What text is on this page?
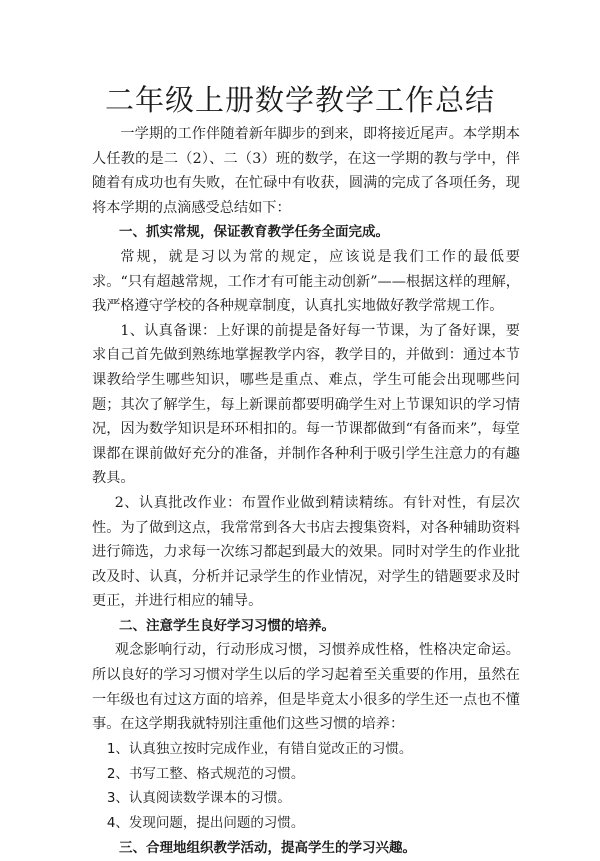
二年级上册数学教学工作总结

一学期的工作伴随着新年脚步的到来，即将接近尾声。本学期本人任教的是二（2）、二（3）班的数学，在这一学期的教与学中，伴随着有成功也有失败，在忙碌中有收获，圆满的完成了各项任务，现将本学期的点滴感受总结如下：

一、抓实常规，保证教育教学任务全面完成。

常规，就是习以为常的规定，应该说是我们工作的最低要求。“只有超越常规，工作才有可能主动创新”——根据这样的理解，我严格遵守学校的各种规章制度，认真扎实地做好教学常规工作。

1、认真备课：上好课的前提是备好每一节课，为了备好课，要求自己首先做到熟练地掌握教学内容，教学目的，并做到：通过本节课教给学生哪些知识，哪些是重点、难点，学生可能会出现哪些问题；其次了解学生，每上新课前都要明确学生对上节课知识的学习情况，因为数学知识是环环相扣的。每一节课都做到“有备而来”，每堂课都在课前做好充分的准备，并制作各种利于吸引学生注意力的有趣教具。

2、认真批改作业：布置作业做到精读精练。有针对性，有层次性。为了做到这点，我常常到各大书店去搜集资料，对各种辅助资料进行筛选，力求每一次练习都起到最大的效果。同时对学生的作业批改及时、认真，分析并记录学生的作业情况，对学生的错题要求及时更正，并进行相应的辅导。

二、注意学生良好学习习惯的培养。

观念影响行动，行动形成习惯，习惯养成性格，性格决定命运。所以良好的学习习惯对学生以后的学习起着至关重要的作用，虽然在一年级也有过这方面的培养，但是毕竟太小很多的学生还一点也不懂事。在这学期我就特别注重他们这些习惯的培养：

1、认真独立按时完成作业，有错自觉改正的习惯。

2、书写工整、格式规范的习惯。

3、认真阅读数学课本的习惯。

4、发现问题，提出问题的习惯。

三、合理地组织教学活动，提高学生的学习兴趣。
